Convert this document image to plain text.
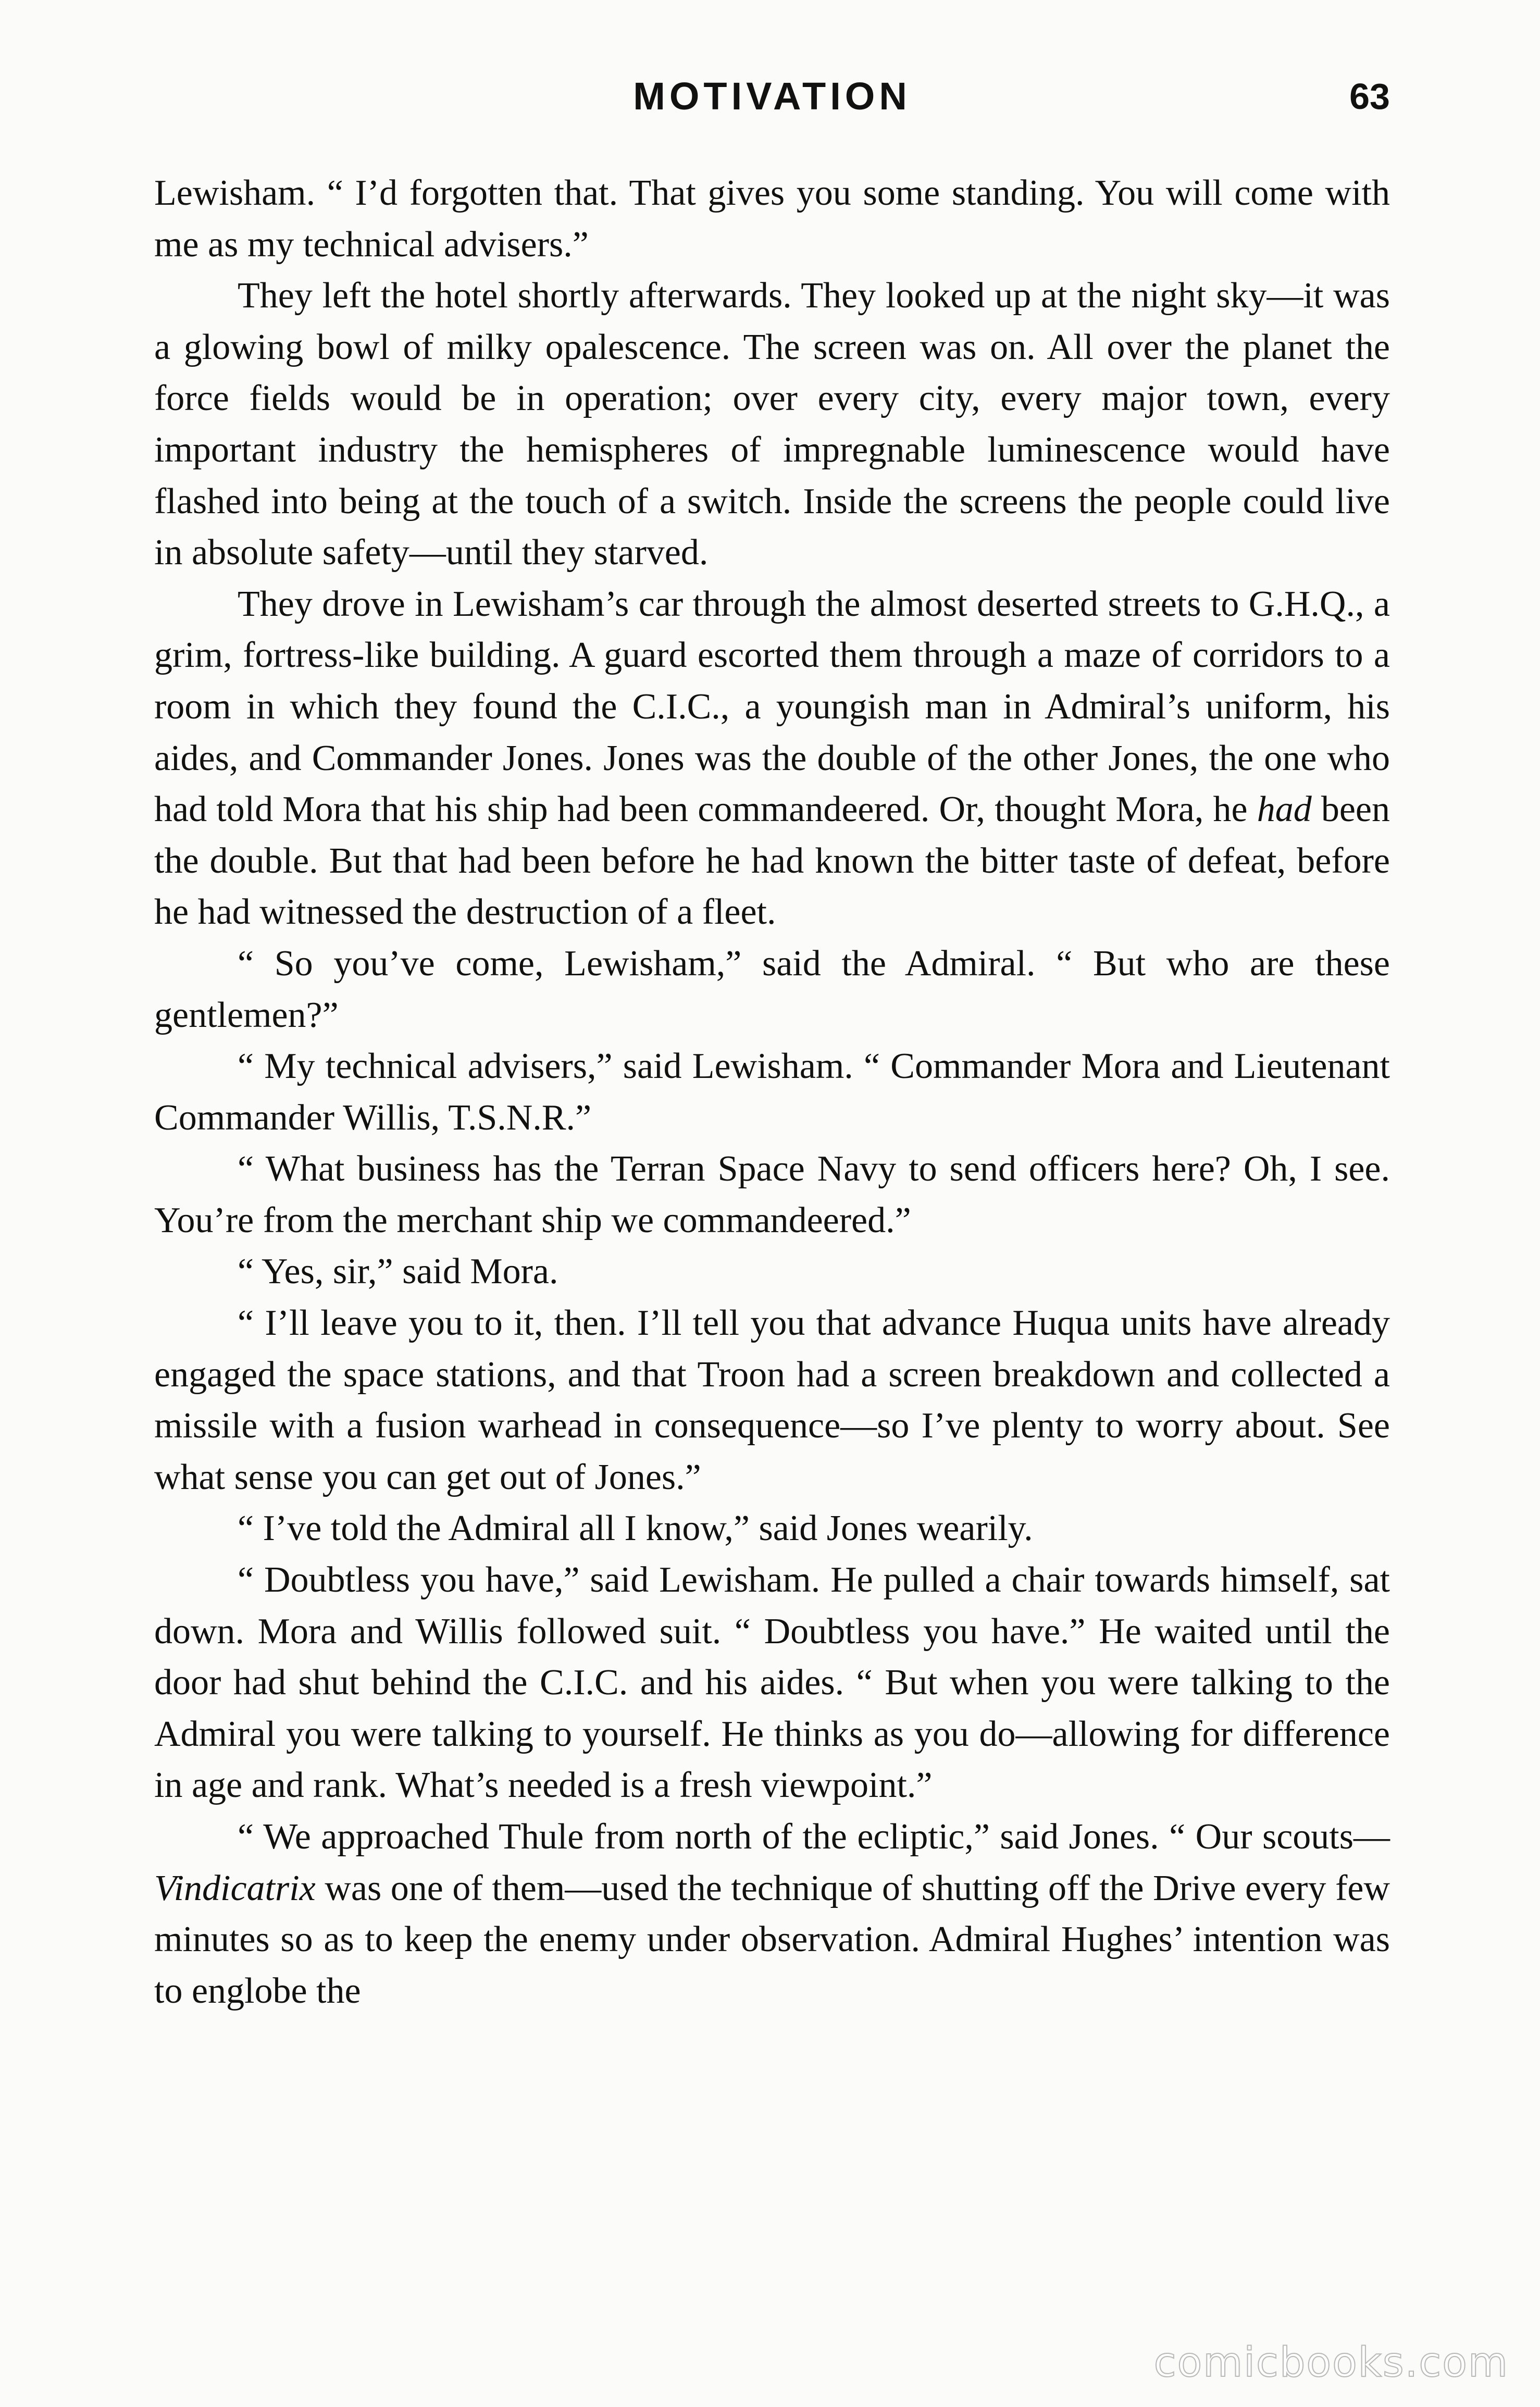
MOTIVATION	63

Lewisham. “ I’d forgotten that. That gives you some standing. You will come with me as my technical advisers.”

They left the hotel shortly afterwards. They looked up at the night sky—it was a glowing bowl of milky opalescence. The screen was on. All over the planet the force fields would be in operation; over every city, every major town, every important industry the hemispheres of impregnable luminescence would have flashed into being at the touch of a switch. Inside the screens the people could live in absolute safety—until they starved.

They drove in Lewisham’s car through the almost deserted streets to G.H.Q., a grim, fortress-like building. A guard escorted them through a maze of corridors to a room in which they found the C.I.C., a youngish man in Admiral’s uniform, his aides, and Commander Jones. Jones was the double of the other Jones, the one who had told Mora that his ship had been commandeered. Or, thought Mora, he had been the double. But that had been before he had known the bitter taste of defeat, before he had witnessed the destruction of a fleet.

“ So you’ve come, Lewisham,” said the Admiral. “ But who are these gentlemen?”

“ My technical advisers,” said Lewisham. “ Commander Mora and Lieutenant Commander Willis, T.S.N.R.”

“ What business has the Terran Space Navy to send officers here? Oh, I see. You’re from the merchant ship we commandeered.”

“ Yes, sir,” said Mora.

“ I’ll leave you to it, then. I’ll tell you that advance Huqua units have already engaged the space stations, and that Troon had a screen breakdown and collected a missile with a fusion warhead in consequence—so I’ve plenty to worry about. See what sense you can get out of Jones.”

“ I’ve told the Admiral all I know,” said Jones wearily.

“ Doubtless you have,” said Lewisham. He pulled a chair towards himself, sat down. Mora and Willis followed suit. “ Doubtless you have.” He waited until the door had shut behind the C.I.C. and his aides. “ But when you were talking to the Admiral you were talking to yourself. He thinks as you do—allowing for difference in age and rank. What’s needed is a fresh viewpoint.”

“ We approached Thule from north of the ecliptic,” said Jones. “ Our scouts—Vindicatrix was one of them—used the technique of shutting off the Drive every few minutes so as to keep the enemy under observation. Admiral Hughes’ intention was to englobe the

comicbooks.com
